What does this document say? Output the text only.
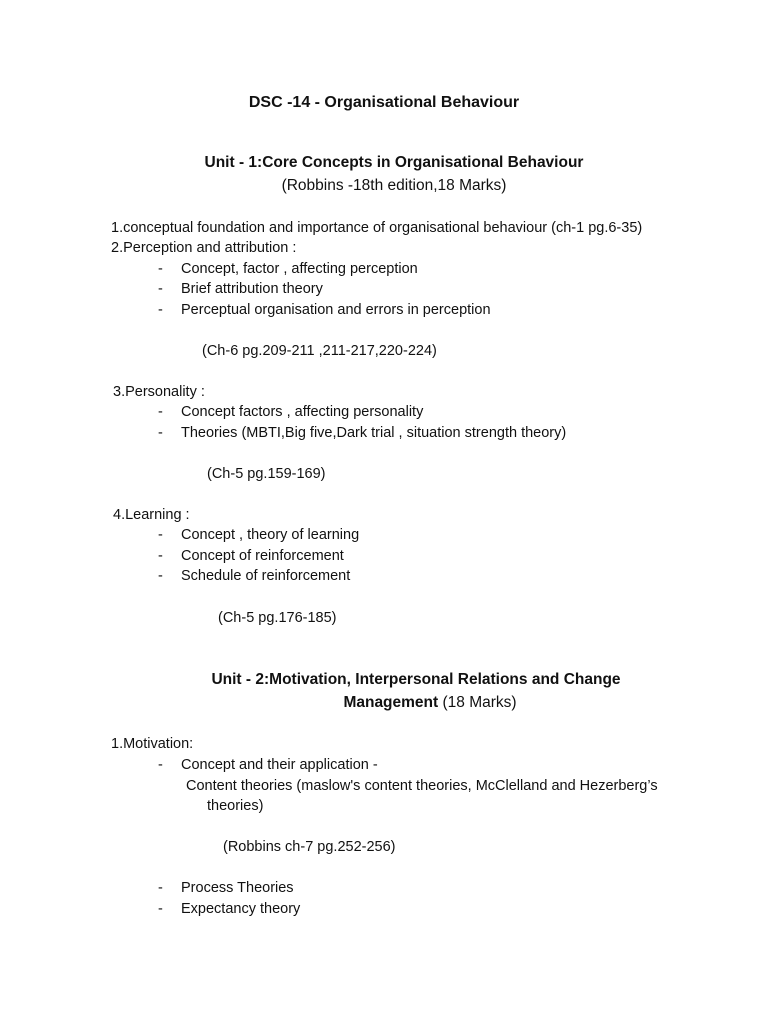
DSC -14 - Organisational Behaviour
Unit - 1:Core Concepts in Organisational Behaviour
(Robbins -18th edition,18 Marks)
1.conceptual foundation and importance of organisational behaviour (ch-1 pg.6-35)
2.Perception and attribution :
- Concept, factor , affecting perception
- Brief attribution theory
- Perceptual organisation and errors in perception
(Ch-6 pg.209-211 ,211-217,220-224)
3.Personality :
- Concept factors , affecting personality
- Theories (MBTI,Big five,Dark trial , situation strength theory)
(Ch-5 pg.159-169)
4.Learning :
- Concept , theory of learning
- Concept of reinforcement
- Schedule of reinforcement
(Ch-5 pg.176-185)
Unit - 2:Motivation, Interpersonal Relations and Change
Management (18 Marks)
1.Motivation:
- Concept and their application -
Content theories (maslow's content theories, McClelland and Hezerberg’s
theories)
(Robbins ch-7 pg.252-256)
- Process Theories
- Expectancy theory
